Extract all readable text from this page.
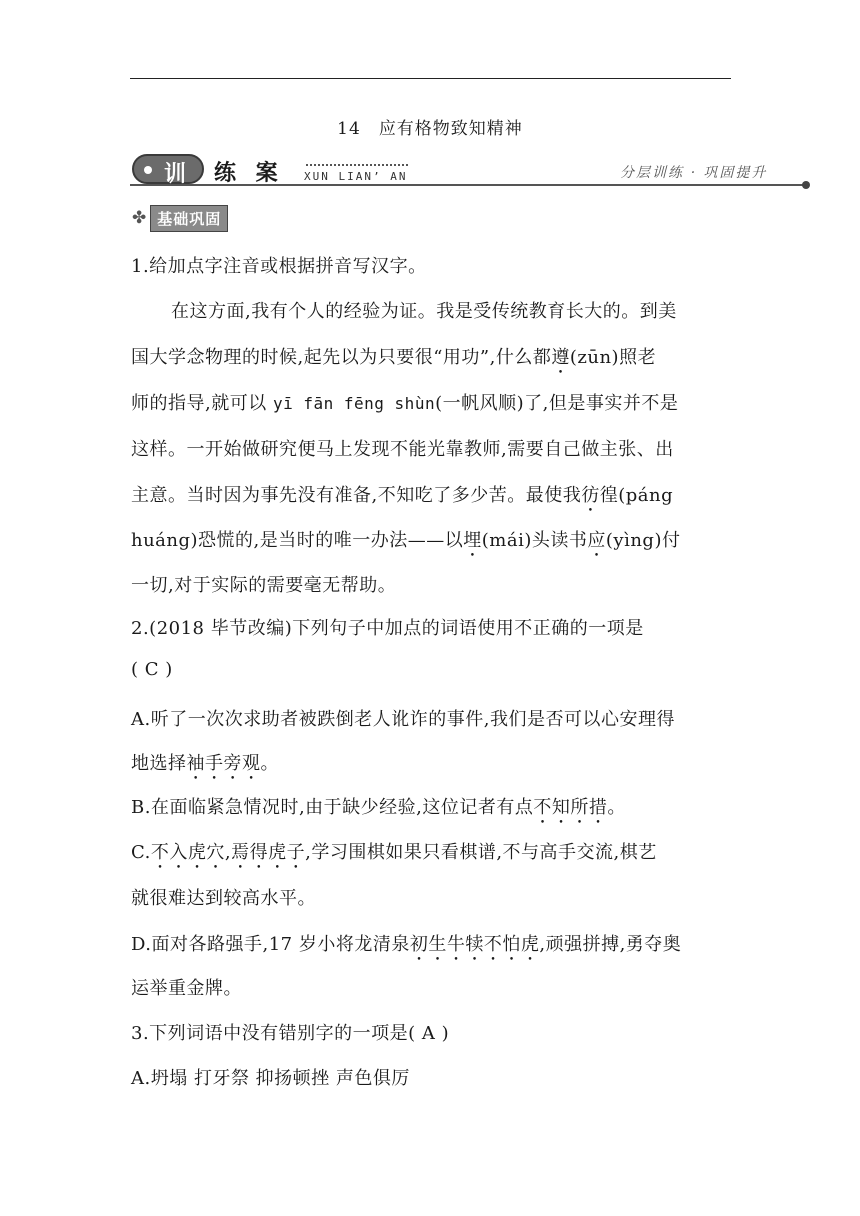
14 应有格物致知精神
训 练 案 XUN LIAN’ AN	分层训练 · 巩固提升
✤ 基础巩固
1.给加点字注音或根据拼音写汉字。
在这方面,我有个人的经验为证。我是受传统教育长大的。到美
国大学念物理的时候,起先以为只要很“用功”,什么都遵(zūn)照老
师的指导,就可以 yī fān fēng shùn(一帆风顺)了,但是事实并不是
这样。一开始做研究便马上发现不能光靠教师,需要自己做主张、出
主意。当时因为事先没有准备,不知吃了多少苦。最使我彷徨(páng
huáng)恐慌的,是当时的唯一办法——以埋(mái)头读书应(yìng)付
一切,对于实际的需要毫无帮助。
2.(2018 毕节改编)下列句子中加点的词语使用不正确的一项是
( C )
A.听了一次次求助者被跌倒老人讹诈的事件,我们是否可以心安理得
地选择袖手旁观。
B.在面临紧急情况时,由于缺少经验,这位记者有点不知所措。
C.不入虎穴,焉得虎子,学习围棋如果只看棋谱,不与高手交流,棋艺
就很难达到较高水平。
D.面对各路强手,17 岁小将龙清泉初生牛犊不怕虎,顽强拼搏,勇夺奥
运举重金牌。
3.下列词语中没有错别字的一项是( A )
A.坍塌 打牙祭 抑扬顿挫 声色俱厉
